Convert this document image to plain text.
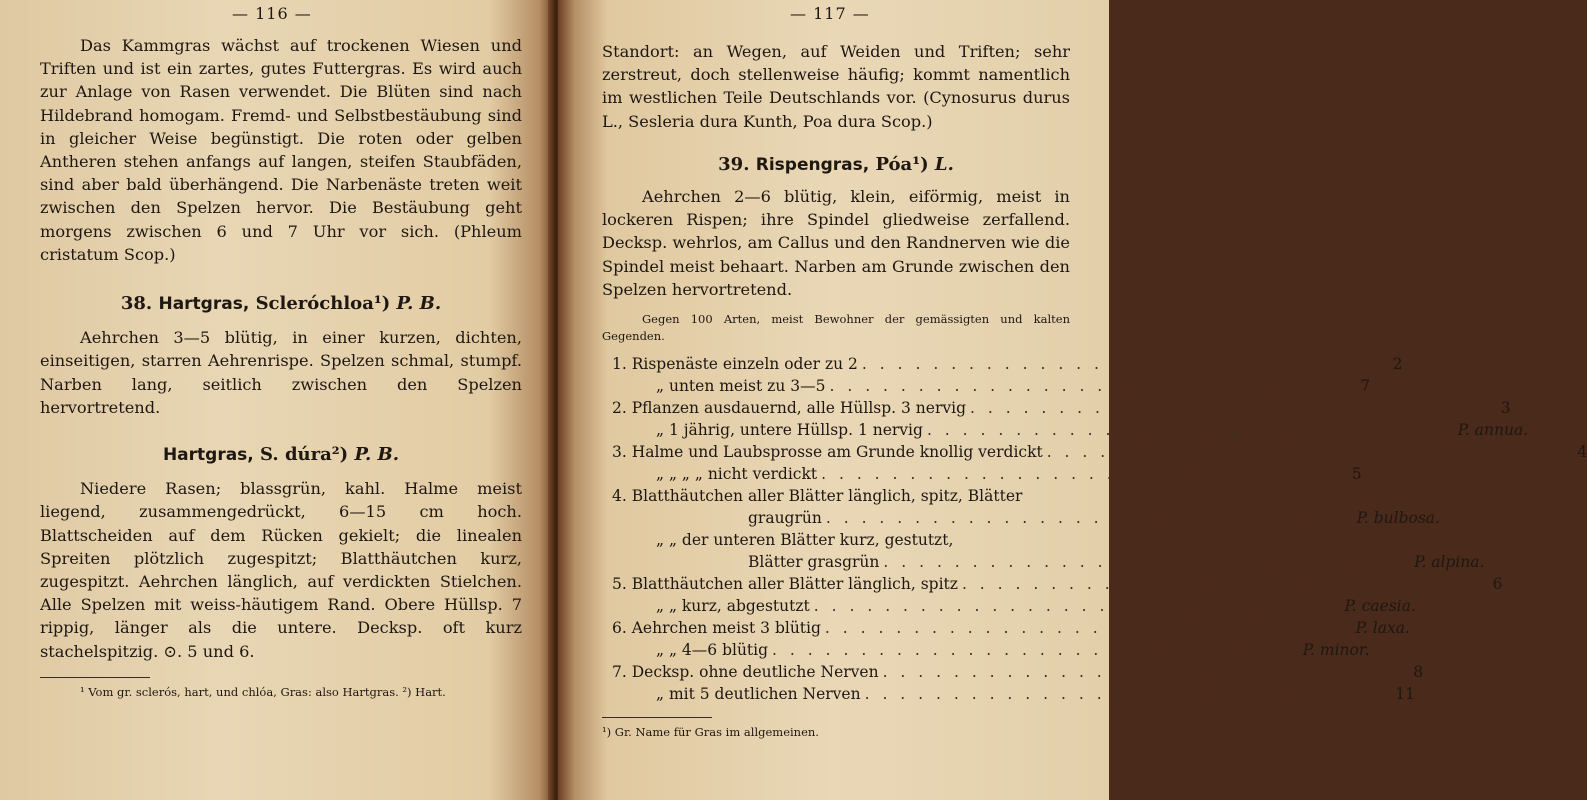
— 116 —

Das Kammgras wächst auf trockenen Wiesen und Triften und ist ein zartes, gutes Futtergras. Es wird auch zur Anlage von Rasen verwendet. Die Blüten sind nach Hildebrand homogam. Fremd- und Selbstbestäubung sind in gleicher Weise begünstigt. Die roten oder gelben Antheren stehen anfangs auf langen, steifen Staubfäden, sind aber bald überhängend. Die Narbenäste treten weit zwischen den Spelzen hervor. Die Bestäubung geht morgens zwischen 6 und 7 Uhr vor sich. (Phleum cristatum Scop.)

38. Hartgras, Scleróchloa¹) P. B.

Aehrchen 3—5 blütig, in einer kurzen, dichten, einseitigen, starren Aehrenrispe. Spelzen schmal, stumpf. Narben lang, seitlich zwischen den Spelzen hervortretend.

Hartgras, S. dúra²) P. B.

Niedere Rasen; blassgrün, kahl. Halme meist liegend, zusammengedrückt, 6—15 cm hoch. Blattscheiden auf dem Rücken gekielt; die linealen Spreiten plötzlich zugespitzt; Blatthäutchen kurz, zugespitzt. Aehrchen länglich, auf verdickten Stielchen. Alle Spelzen mit weiss-häutigem Rand. Obere Hüllsp. 7 rippig, länger als die untere. Decksp. oft kurz stachelspitzig. ⊙. 5 und 6.

¹ Vom gr. sclerós, hart, und chlóa, Gras: also Hartgras. ²) Hart.

— 117 —

Standort: an Wegen, auf Weiden und Triften; sehr zerstreut, doch stellenweise häufig; kommt namentlich im westlichen Teile Deutschlands vor. (Cynosurus durus L., Sesleria dura Kunth, Poa dura Scop.)

39. Rispengras, Póa¹) L.

Aehrchen 2—6 blütig, klein, eiförmig, meist in lockeren Rispen; ihre Spindel gliedweise zerfallend. Decksp. wehrlos, am Callus und den Randnerven wie die Spindel meist behaart. Narben am Grunde zwischen den Spelzen hervortretend.

Gegen 100 Arten, meist Bewohner der gemässigten und kalten Gegenden.

1. Rispenäste einzeln oder zu 2 . . . . . . . . . . . . . . . . . . . . . . . . . . . . . . 2
„ unten meist zu 3—5 . . . . . . . . . . . . . . . . . . . . . . . . . . . . . . 7
2. Pflanzen ausdauernd, alle Hüllsp. 3 nervig . . . . . . . . . . . . . . . . . . . . . . . . . . . . . . 3
„ 1 jährig, untere Hüllsp. 1 nervig . . . . . . . . . . . . . . . . . . . . . . . . . . . . . . P. annua.
3. Halme und Laubsprosse am Grunde knollig verdickt . . . . . . . . . . . . . . . . . . . . . . . . . . . . . . 4
„ „ „ „ nicht verdickt . . . . . . . . . . . . . . . . . . . . . . . . . . . . . . 5
4. Blatthäutchen aller Blätter länglich, spitz, Blätter
graugrün . . . . . . . . . . . . . . . . . . . . . . . . . . . . . . P. bulbosa.
„ „ der unteren Blätter kurz, gestutzt,
Blätter grasgrün . . . . . . . . . . . . . . . . . . . . . . . . . . . . . . P. alpina.
5. Blatthäutchen aller Blätter länglich, spitz . . . . . . . . . . . . . . . . . . . . . . . . . . . . . . 6
„ „ kurz, abgestutzt . . . . . . . . . . . . . . . . . . . . . . . . . . . . . . P. caesia.
6. Aehrchen meist 3 blütig . . . . . . . . . . . . . . . . . . . . . . . . . . . . . . P. laxa.
„ „ 4—6 blütig . . . . . . . . . . . . . . . . . . . . . . . . . . . . . . P. minor.
7. Decksp. ohne deutliche Nerven . . . . . . . . . . . . . . . . . . . . . . . . . . . . . . 8
„ mit 5 deutlichen Nerven . . . . . . . . . . . . . . . . . . . . . . . . . . . . . . 11

¹) Gr. Name für Gras im allgemeinen.
